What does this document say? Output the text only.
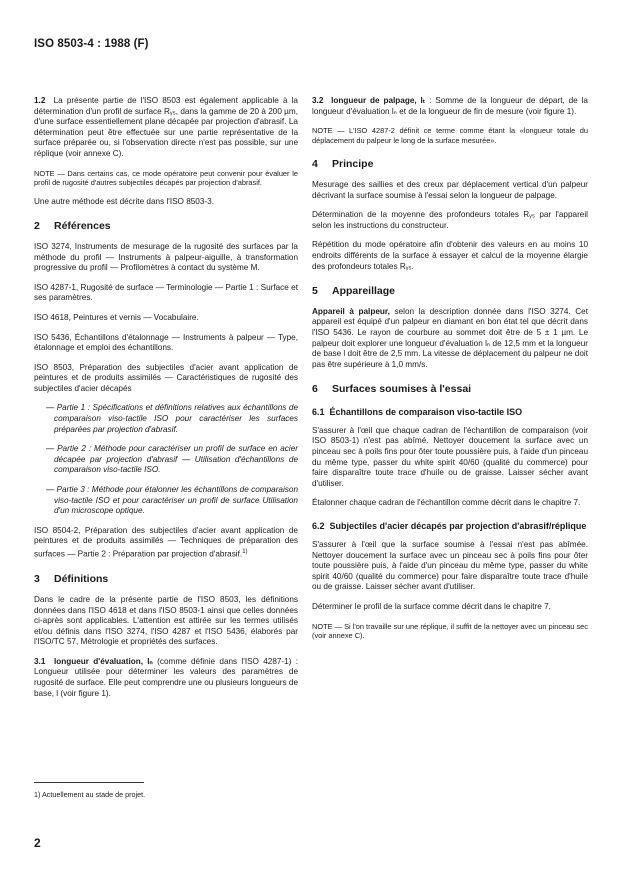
ISO 8503-4 : 1988 (F)

1.2 La présente partie de l'ISO 8503 est également applicable à la détermination d'un profil de surface Rᵧ₅, dans la gamme de 20 à 200 µm, d'une surface essentiellement plane décapée par projection d'abrasif. La détermination peut être effectuée sur une partie représentative de la surface préparée ou, si l'observation directe n'est pas possible, sur une réplique (voir annexe C).

NOTE — Dans certains cas, ce mode opératoire peut convenir pour évaluer le profil de rugosité d'autres subjectiles décapés par projection d'abrasif.

Une autre méthode est décrite dans l'ISO 8503-3.

2 Références

ISO 3274, Instruments de mesurage de la rugosité des surfaces par la méthode du profil — Instruments à palpeur-aiguille, à transformation progressive du profil — Profilomètres à contact du système M.

ISO 4287-1, Rugosité de surface — Terminologie — Partie 1 : Surface et ses paramètres.

ISO 4618, Peintures et vernis — Vocabulaire.

ISO 5436, Échantillons d'étalonnage — Instruments à palpeur — Type, étalonnage et emploi des échantillons.

ISO 8503, Préparation des subjectiles d'acier avant application de peintures et de produits assimilés — Caractéristiques de rugosité des subjectiles d'acier décapés

— Partie 1 : Spécifications et définitions relatives aux échantillons de comparaison viso-tactile ISO pour caractériser les surfaces préparées par projection d'abrasif.

— Partie 2 : Méthode pour caractériser un profil de surface en acier décapée par projection d'abrasif — Utilisation d'échantillons de comparaison viso-tactile ISO.

— Partie 3 : Méthode pour étalonner les échantillons de comparaison viso-tactile ISO et pour caractériser un profil de surface Utilisation d'un microscope optique.

ISO 8504-2, Préparation des subjectiles d'acier avant application de peintures et de produits assimilés — Techniques de préparation des surfaces — Partie 2 : Préparation par projection d'abrasif.$^{1)}$

3 Définitions

Dans le cadre de la présente partie de l'ISO 8503, les définitions données dans l'ISO 4618 et dans l'ISO 8503-1 ainsi que celles données ci-après sont applicables. L'attention est attirée sur les termes utilisés et/ou définis dans l'ISO 3274, l'ISO 4287 et l'ISO 5436, élaborés par l'ISO/TC 57, Métrologie et propriétés des surfaces.

3.1 longueur d'évaluation, lₙ (comme définie dans l'ISO 4287-1) : Longueur utilisée pour déterminer les valeurs des paramètres de rugosité de surface. Elle peut comprendre une ou plusieurs longueurs de base, l (voir figure 1).

3.2 longueur de palpage, lₜ : Somme de la longueur de départ, de la longueur d'évaluation lₙ et de la longueur de fin de mesure (voir figure 1).

NOTE — L'ISO 4287-2 définit ce terme comme étant la «longueur totale du déplacement du palpeur le long de la surface mesurée».

4 Principe

Mesurage des saillies et des creux par déplacement vertical d'un palpeur décrivant la surface soumise à l'essai selon la longueur de palpage.

Détermination de la moyenne des profondeurs totales Rᵧ₅ par l'appareil selon les instructions du constructeur.

Répétition du mode opératoire afin d'obtenir des valeurs en au moins 10 endroits différents de la surface à essayer et calcul de la moyenne élargie des profondeurs totales Rᵧ₅.

5 Appareillage

Appareil à palpeur, selon la description donnée dans l'ISO 3274. Cet appareil est équipé d'un palpeur en diamant en bon état tel que décrit dans l'ISO 5436. Le rayon de courbure au sommet doit être de 5 ± 1 µm. Le palpeur doit explorer une longueur d'évaluation lₙ de 12,5 mm et la longueur de base l doit être de 2,5 mm. La vitesse de déplacement du palpeur ne doit pas être supérieure à 1,0 mm/s.

6 Surfaces soumises à l'essai
6.1 Échantillons de comparaison viso-tactile ISO

S'assurer à l'œil que chaque cadran de l'échantillon de comparaison (voir ISO 8503-1) n'est pas abîmé. Nettoyer doucement la surface avec un pinceau sec à poils fins pour ôter toute poussière puis, à l'aide d'un pinceau du même type, passer du white spirit 40/60 (qualité du commerce) pour faire disparaître toute trace d'huile ou de graisse. Laisser sécher avant d'utiliser.

Étalonner chaque cadran de l'échantillon comme décrit dans le chapitre 7.

6.2 Subjectiles d'acier décapés par projection d'abrasif/réplique

S'assurer à l'œil que la surface soumise à l'essai n'est pas abîmée. Nettoyer doucement la surface avec un pinceau sec à poils fins pour ôter toute poussière puis, à l'aide d'un pinceau du même type, passer du white spirit 40/60 (qualité du commerce) pour faire disparaître toute trace d'huile ou de graisse. Laisser sécher avant d'utiliser.

Déterminer le profil de la surface comme décrit dans le chapitre 7.

NOTE — Si l'on travaille sur une réplique, il suffit de la nettoyer avec un pinceau sec (voir annexe C).

1) Actuellement au stade de projet.
2
